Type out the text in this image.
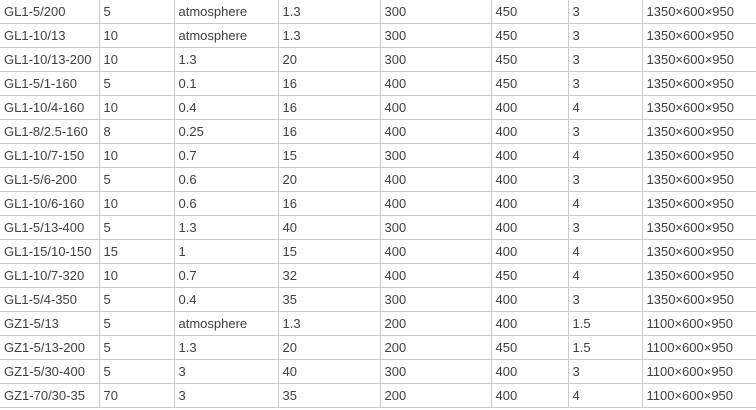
GL1-5/200	5	atmosphere	1.3	300	450	3	1350×600×950
GL1-10/13	10	atmosphere	1.3	300	450	3	1350×600×950
GL1-10/13-200	10	1.3	20	300	450	3	1350×600×950
GL1-5/1-160	5	0.1	16	400	450	3	1350×600×950
GL1-10/4-160	10	0.4	16	400	400	4	1350×600×950
GL1-8/2.5-160	8	0.25	16	400	400	3	1350×600×950
GL1-10/7-150	10	0.7	15	300	400	4	1350×600×950
GL1-5/6-200	5	0.6	20	400	400	3	1350×600×950
GL1-10/6-160	10	0.6	16	400	400	4	1350×600×950
GL1-5/13-400	5	1.3	40	300	400	3	1350×600×950
GL1-15/10-150	15	1	15	400	400	4	1350×600×950
GL1-10/7-320	10	0.7	32	400	450	4	1350×600×950
GL1-5/4-350	5	0.4	35	300	400	3	1350×600×950
GZ1-5/13	5	atmosphere	1.3	200	400	1.5	1100×600×950
GZ1-5/13-200	5	1.3	20	200	450	1.5	1100×600×950
GZ1-5/30-400	5	3	40	300	400	3	1100×600×950
GZ1-70/30-35	70	3	35	200	400	4	1100×600×950
